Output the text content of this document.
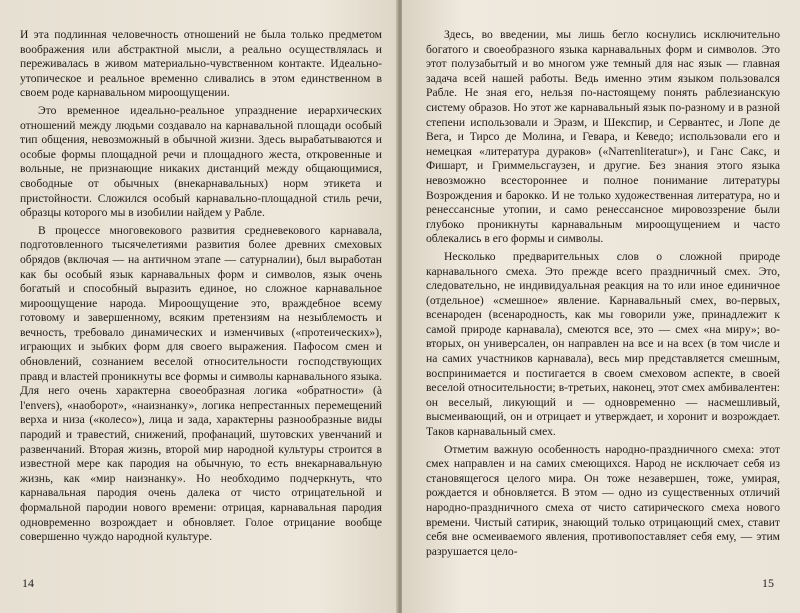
И эта подлинная человечность отношений не была только предметом воображения или абстрактной мысли, а реально осуществлялась и переживалась в живом материально-чувственном контакте. Идеально-утопическое и реальное временно сливались в этом единственном в своем роде карнавальном мироощущении.

Это временное идеально-реальное упразднение иерархических отношений между людьми создавало на карнавальной площади особый тип общения, невозможный в обычной жизни. Здесь вырабатываются и особые формы площадной речи и площадного жеста, откровенные и вольные, не признающие никаких дистанций между общающимися, свободные от обычных (внекарнавальных) норм этикета и пристойности. Сложился особый карнавально-площадной стиль речи, образцы которого мы в изобилии найдем у Рабле.

В процессе многовекового развития средневекового карнавала, подготовленного тысячелетиями развития более древних смеховых обрядов (включая — на античном этапе — сатурналии), был выработан как бы особый язык карнавальных форм и символов, язык очень богатый и способный выразить единое, но сложное карнавальное мироощущение народа. Мироощущение это, враждебное всему готовому и завершенному, всяким претензиям на незыблемость и вечность, требовало динамических и изменчивых («протеических»), играющих и зыбких форм для своего выражения. Пафосом смен и обновлений, сознанием веселой относительности господствующих правд и властей проникнуты все формы и символы карнавального языка. Для него очень характерна своеобразная логика «обратности» (à l'envers), «наоборот», «наизнанку», логика непрестанных перемещений верха и низа («колесо»), лица и зада, характерны разнообразные виды пародий и травестий, снижений, профанаций, шутовских увенчаний и развенчаний. Вторая жизнь, второй мир народной культуры строится в известной мере как пародия на обычную, то есть внекарнавальную жизнь, как «мир наизнанку». Но необходимо подчеркнуть, что карнавальная пародия очень далека от чисто отрицательной и формальной пародии нового времени: отрицая, карнавальная пародия одновременно возрождает и обновляет. Голое отрицание вообще совершенно чуждо народной культуре.

14

Здесь, во введении, мы лишь бегло коснулись исключительно богатого и своеобразного языка карнавальных форм и символов. Это этот полузабытый и во многом уже темный для нас язык — главная задача всей нашей работы. Ведь именно этим языком пользовался Рабле. Не зная его, нельзя по-настоящему понять раблезианскую систему образов. Но этот же карнавальный язык по-разному и в разной степени использовали и Эразм, и Шекспир, и Сервантес, и Лопе де Вега, и Тирсо де Молина, и Гевара, и Кеведо; использовали его и немецкая «литература дураков» («Narrenliteratur»), и Ганс Сакс, и Фишарт, и Гриммельсгаузен, и другие. Без знания этого языка невозможно всестороннее и полное понимание литературы Возрождения и барокко. И не только художественная литература, но и ренессансные утопии, и само ренессансное мировоззрение были глубоко проникнуты карнавальным мироощущением и часто облекались в его формы и символы.

Несколько предварительных слов о сложной природе карнавального смеха. Это прежде всего праздничный смех. Это, следовательно, не индивидуальная реакция на то или иное единичное (отдельное) «смешное» явление. Карнавальный смех, во-первых, всенароден (всенародность, как мы говорили уже, принадлежит к самой природе карнавала), смеются все, это — смех «на миру»; во-вторых, он универсален, он направлен на все и на всех (в том числе и на самих участников карнавала), весь мир представляется смешным, воспринимается и постигается в своем смеховом аспекте, в своей веселой относительности; в-третьих, наконец, этот смех амбивалентен: он веселый, ликующий и — одновременно — насмешливый, высмеивающий, он и отрицает и утверждает, и хоронит и возрождает. Таков карнавальный смех.

Отметим важную особенность народно-праздничного смеха: этот смех направлен и на самих смеющихся. Народ не исключает себя из становящегося целого мира. Он тоже незавершен, тоже, умирая, рождается и обновляется. В этом — одно из существенных отличий народно-праздничного смеха от чисто сатирического смеха нового времени. Чистый сатирик, знающий только отрицающий смех, ставит себя вне осмеиваемого явления, противопоставляет себя ему, — этим разрушается цело-

15
